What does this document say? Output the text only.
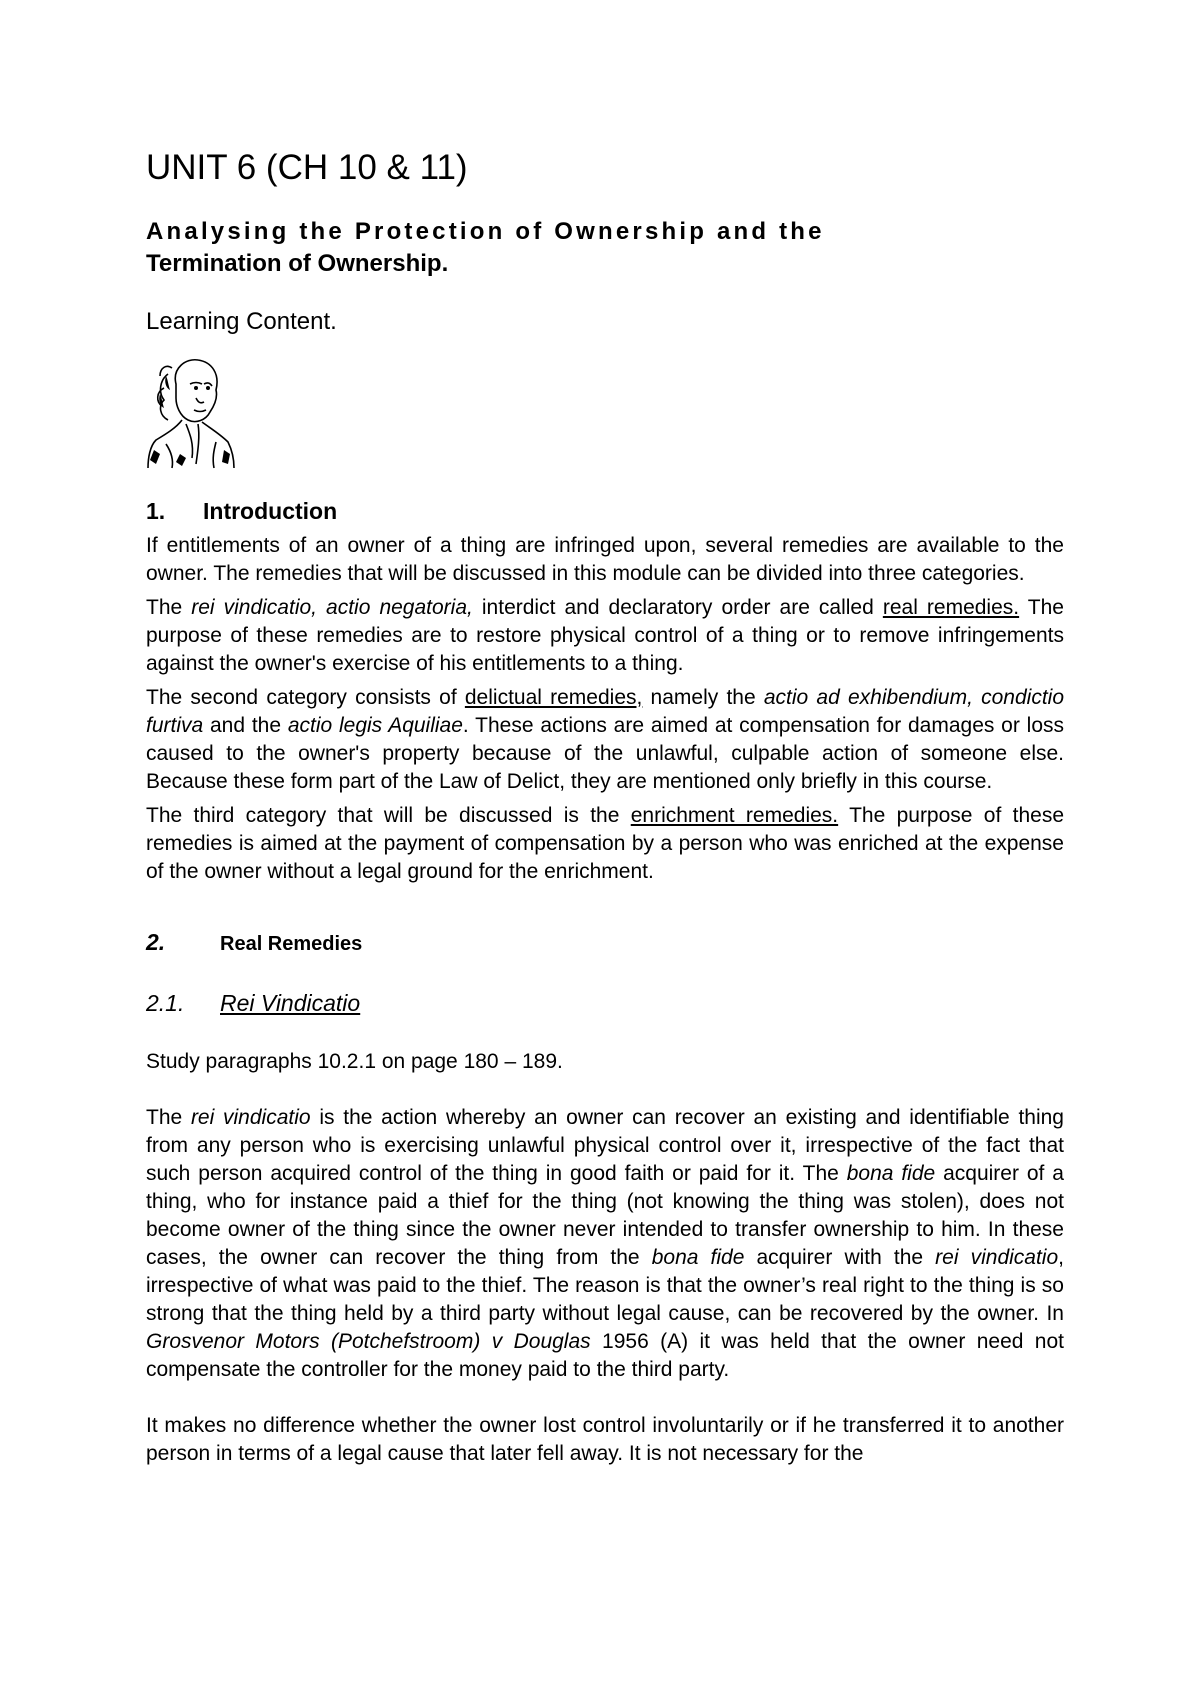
UNIT 6 (CH 10 & 11)
Analysing the Protection of Ownership and the
Termination of Ownership.
Learning Content.
1. Introduction

If entitlements of an owner of a thing are infringed upon, several remedies are available to the owner. The remedies that will be discussed in this module can be divided into three categories.

The rei vindicatio, actio negatoria, interdict and declaratory order are called real remedies. The purpose of these remedies are to restore physical control of a thing or to remove infringements against the owner's exercise of his entitlements to a thing.

The second category consists of delictual remedies, namely the actio ad exhibendium, condictio furtiva and the actio legis Aquiliae. These actions are aimed at compensation for damages or loss caused to the owner's property because of the unlawful, culpable action of someone else. Because these form part of the Law of Delict, they are mentioned only briefly in this course.

The third category that will be discussed is the enrichment remedies. The purpose of these remedies is aimed at the payment of compensation by a person who was enriched at the expense of the owner without a legal ground for the enrichment.

2.	Real Remedies
2.1. Rei Vindicatio
Study paragraphs 10.2.1 on page 180 – 189.

The rei vindicatio is the action whereby an owner can recover an existing and identifiable thing from any person who is exercising unlawful physical control over it, irrespective of the fact that such person acquired control of the thing in good faith or paid for it. The bona fide acquirer of a thing, who for instance paid a thief for the thing (not knowing the thing was stolen), does not become owner of the thing since the owner never intended to transfer ownership to him. In these cases, the owner can recover the thing from the bona fide acquirer with the rei vindicatio, irrespective of what was paid to the thief. The reason is that the owner’s real right to the thing is so strong that the thing held by a third party without legal cause, can be recovered by the owner. In Grosvenor Motors (Potchefstroom) v Douglas 1956 (A) it was held that the owner need not compensate the controller for the money paid to the third party.

It makes no difference whether the owner lost control involuntarily or if he transferred it to another person in terms of a legal cause that later fell away. It is not necessary for the
